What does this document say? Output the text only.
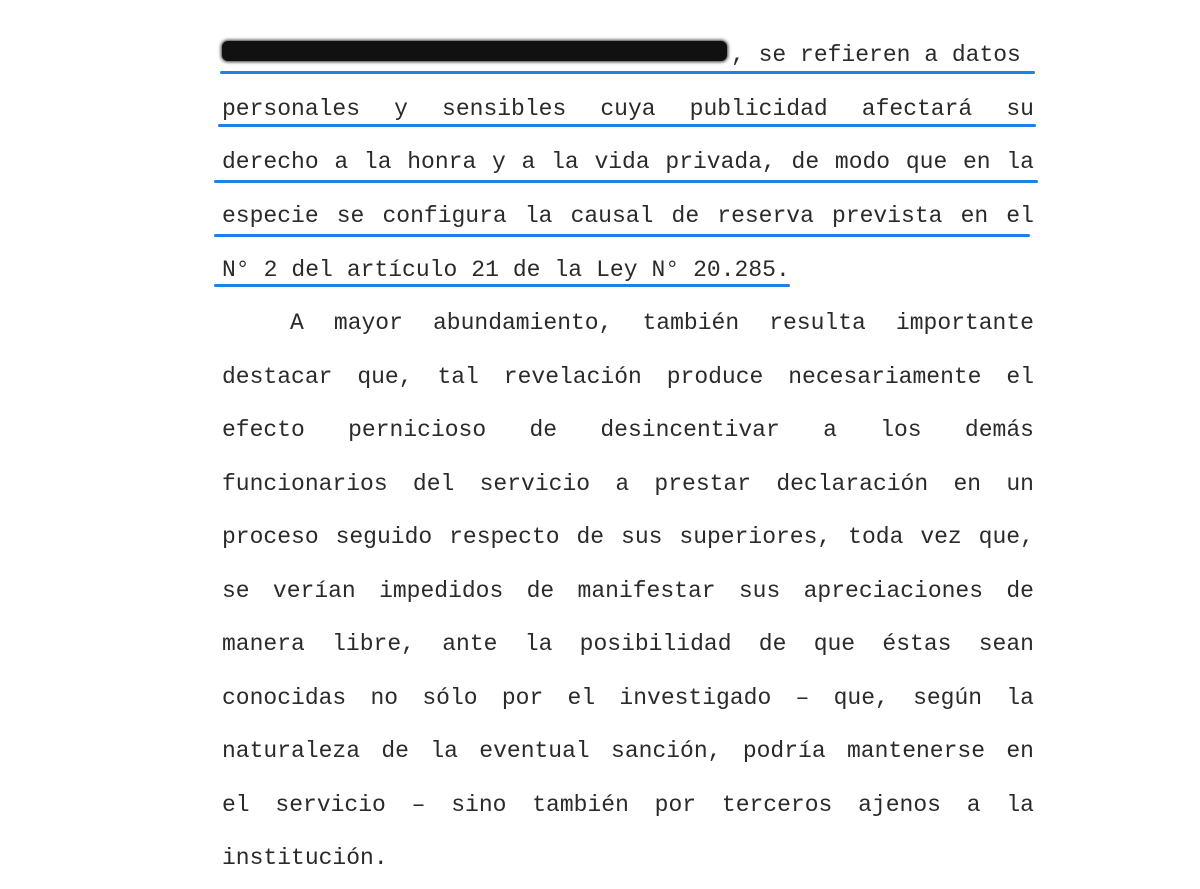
, se refieren a datos
personales y sensibles cuya publicidad afectará su
derecho a la honra y a la vida privada, de modo que en la
especie se configura la causal de reserva prevista en el
N° 2 del artículo 21 de la Ley N° 20.285.
A mayor abundamiento, también resulta importante
destacar que, tal revelación produce necesariamente el
efecto pernicioso de desincentivar a los demás
funcionarios del servicio a prestar declaración en un
proceso seguido respecto de sus superiores, toda vez que,
se verían impedidos de manifestar sus apreciaciones de
manera libre, ante la posibilidad de que éstas sean
conocidas no sólo por el investigado – que, según la
naturaleza de la eventual sanción, podría mantenerse en
el servicio – sino también por terceros ajenos a la
institución.
